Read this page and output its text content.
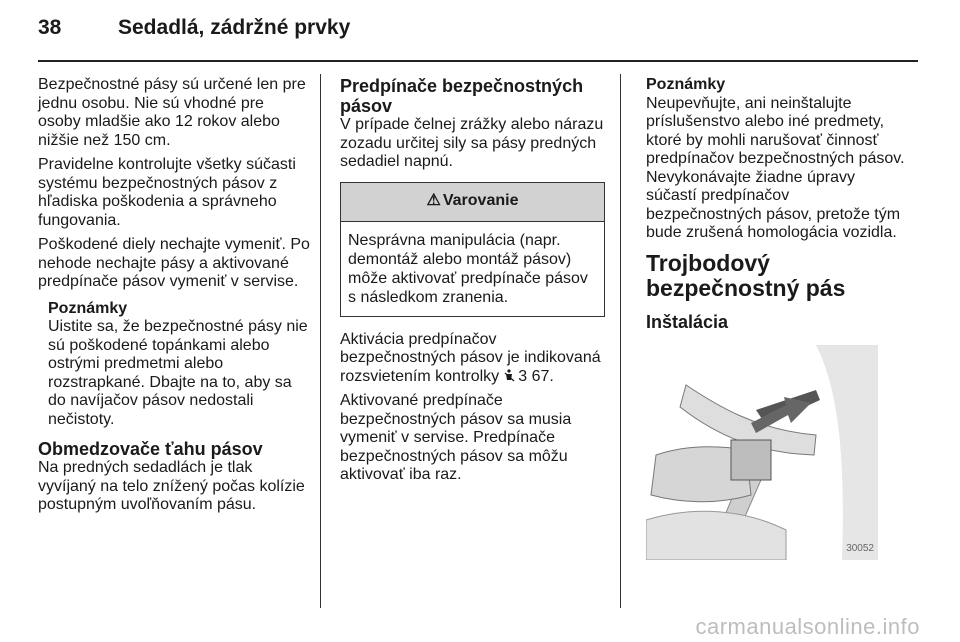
38	Sedadlá, zádržné prvky

Bezpečnostné pásy sú určené len pre jednu osobu. Nie sú vhodné pre osoby mladšie ako 12 rokov alebo nižšie než 150 cm.

Pravidelne kontrolujte všetky súčasti systému bezpečnostných pásov z hľadiska poškodenia a správneho fungovania.

Poškodené diely nechajte vymeniť. Po nehode nechajte pásy a aktivované predpínače pásov vymeniť v servise.

Poznámky
Uistite sa, že bezpečnostné pásy nie sú poškodené topánkami alebo ostrými predmetmi alebo rozstrapkané. Dbajte na to, aby sa do navíjačov pásov nedostali nečistoty.
Obmedzovače ťahu pásov

Na predných sedadlách je tlak vyvíjaný na telo znížený počas kolízie postupným uvoľňovaním pásu.

Predpínače bezpečnostných pásov

V prípade čelnej zrážky alebo nárazu zozadu určitej sily sa pásy predných sedadiel napnú.

⚠ Varovanie
Nesprávna manipulácia (napr. demontáž alebo montáž pásov) môže aktivovať predpínače pásov s následkom zranenia.

Aktivácia predpínačov bezpečnostných pásov je indikovaná rozsvietením kontrolky 3 67.

Aktivované predpínače bezpečnostných pásov sa musia vymeniť v servise. Predpínače bezpečnostných pásov sa môžu aktivovať iba raz.

Poznámky
Neupevňujte, ani neinštalujte príslušenstvo alebo iné predmety, ktoré by mohli narušovať činnosť predpínačov bezpečnostných pásov. Nevykonávajte žiadne úpravy súčastí predpínačov bezpečnostných pásov, pretože tým bude zrušená homologácia vozidla.
Trojbodový bezpečnostný pás
Inštalácia
30052
carmanualsonline.info
